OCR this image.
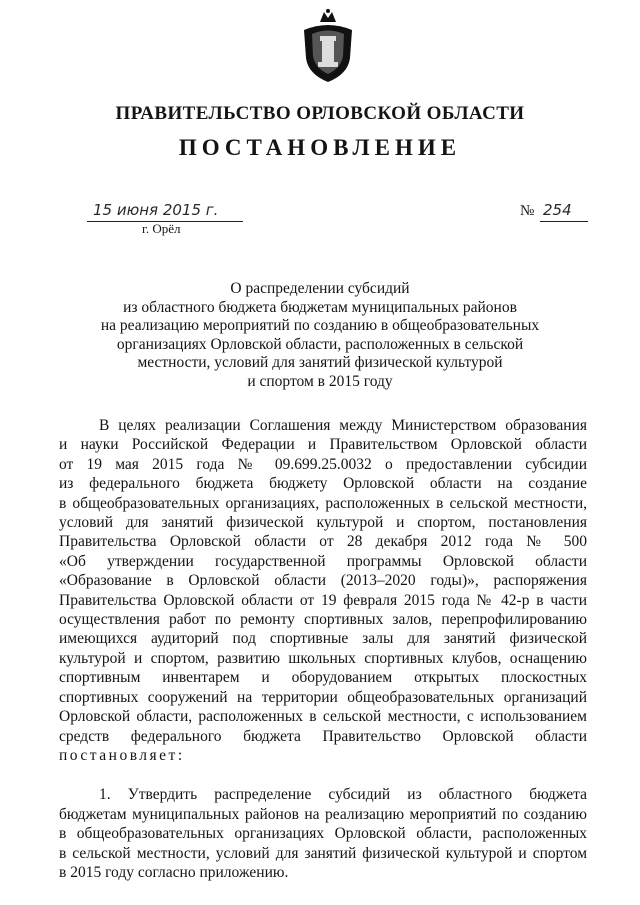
ПРАВИТЕЛЬСТВО ОРЛОВСКОЙ ОБЛАСТИ
ПОСТАНОВЛЕНИЕ
15 июня 2015 г.	№ 254
г. Орёл
О распределении субсидий
из областного бюджета бюджетам муниципальных районов
на реализацию мероприятий по созданию в общеобразовательных
организациях Орловской области, расположенных в сельской
местности, условий для занятий физической культурой
и спортом в 2015 году
В целях реализации Соглашения между Министерством образования
и науки Российской Федерации и Правительством Орловской области
от 19 мая 2015 года № 09.699.25.0032 о предоставлении субсидии
из федерального бюджета бюджету Орловской области на создание
в общеобразовательных организациях, расположенных в сельской местности,
условий для занятий физической культурой и спортом, постановления
Правительства Орловской области от 28 декабря 2012 года № 500
«Об утверждении государственной программы Орловской области
«Образование в Орловской области (2013–2020 годы)», распоряжения
Правительства Орловской области от 19 февраля 2015 года № 42-р в части
осуществления работ по ремонту спортивных залов, перепрофилированию
имеющихся аудиторий под спортивные залы для занятий физической
культурой и спортом, развитию школьных спортивных клубов, оснащению
спортивным инвентарем и оборудованием открытых плоскостных
спортивных сооружений на территории общеобразовательных организаций
Орловской области, расположенных в сельской местности, с использованием
средств федерального бюджета Правительство Орловской области
постановляет:
1. Утвердить распределение субсидий из областного бюджета
бюджетам муниципальных районов на реализацию мероприятий по созданию
в общеобразовательных организациях Орловской области, расположенных
в сельской местности, условий для занятий физической культурой и спортом
в 2015 году согласно приложению.
